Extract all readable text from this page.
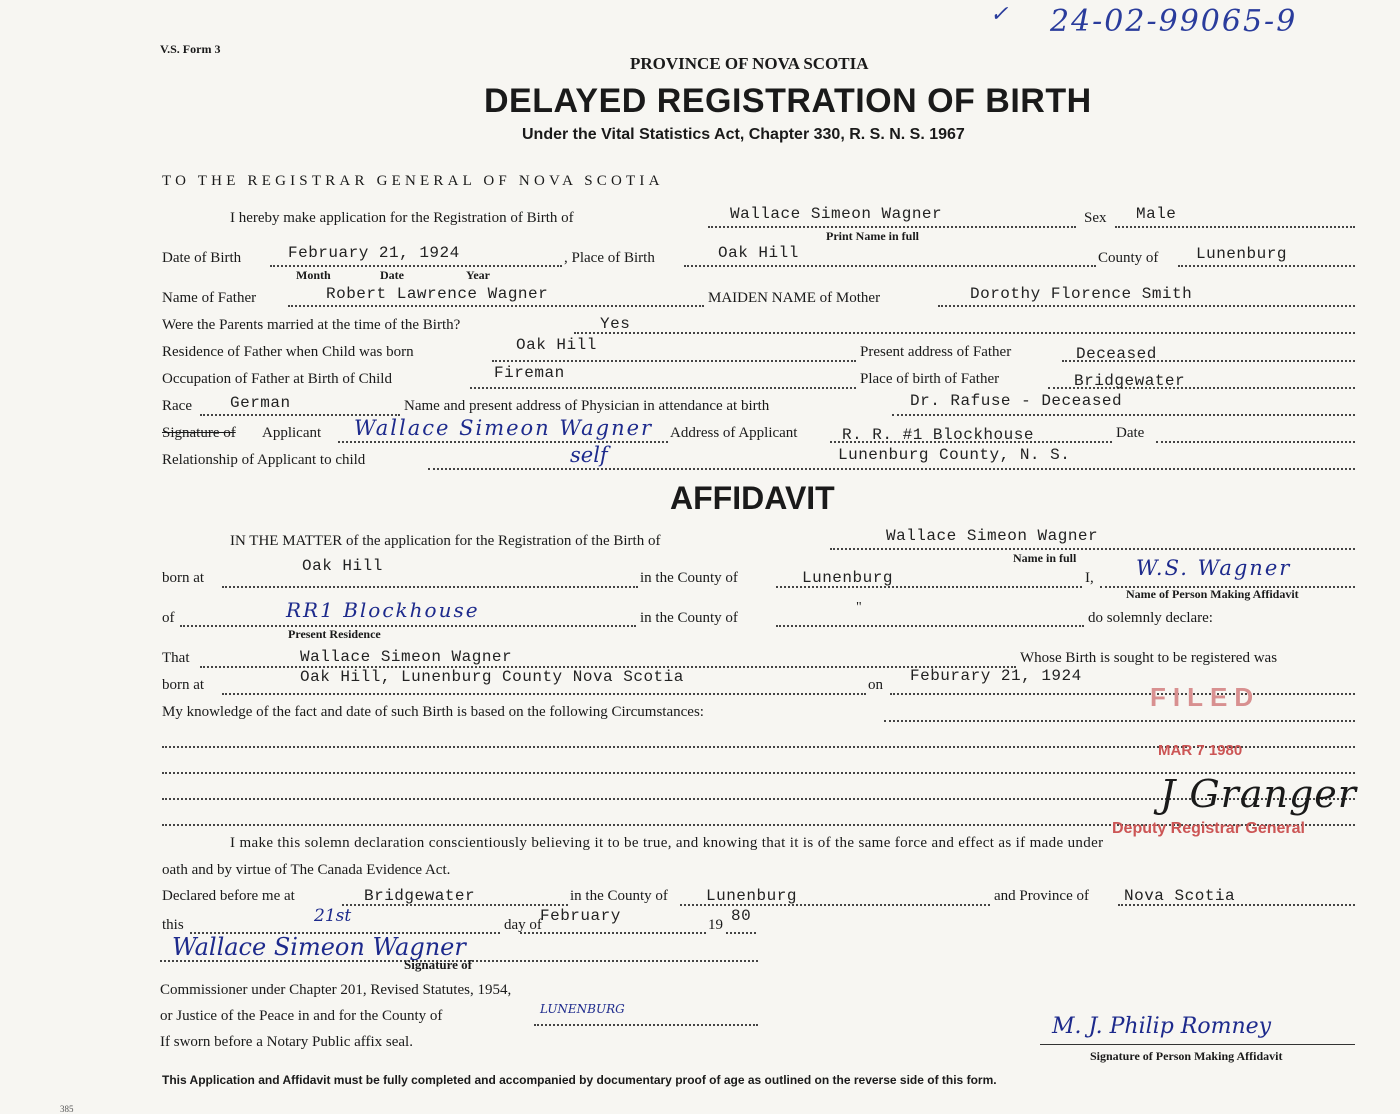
V.S. Form 3
✓ 24-02-99065-9
PROVINCE OF NOVA SCOTIA
DELAYED REGISTRATION OF BIRTH
Under the Vital Statistics Act, Chapter 330, R. S. N. S. 1967
TO THE REGISTRAR GENERAL OF NOVA SCOTIA
I hereby make application for the Registration of Birth of	Wallace Simeon Wagner
Print Name in full
Sex Male
Date of Birth	February 21, 1924
Month	Date	Year
, Place of Birth	Oak Hill	County of Lunenburg
Name of Father	Robert Lawrence Wagner	MAIDEN NAME of Mother	Dorothy Florence Smith
Were the Parents married at the time of the Birth?	Yes
Residence of Father when Child was born	Oak Hill	Present address of Father	Deceased
Occupation of Father at Birth of Child	Fireman	Place of birth of Father	Bridgewater
Race German	Name and present address of Physician in attendance at birth	Dr. Rafuse - Deceased
Signature of Applicant Wallace Simeon Wagner Address of Applicant	R. R. #1 Blockhouse	Date
Relationship of Applicant to child	self	Lunenburg County, N. S.
AFFIDAVIT
IN THE MATTER of the application for the Registration of the Birth of	Wallace Simeon Wagner
Name in full
born at
Oak Hill
in the County of	Lunenburg	I, W.S. Wagner
Name of Person Making Affidavit
of	RR1 Blockhouse
Present Residence
in the County of
"
do solemnly declare:
That	Wallace Simeon Wagner	Whose Birth is sought to be registered was
born at	Oak Hill, Lunenburg County Nova Scotia	on Feburary 21, 1924
My knowledge of the fact and date of such Birth is based on the following Circumstances:	FILED
MAR 7 1980
J Granger
Deputy Registrar General
I make this solemn declaration conscientiously believing it to be true, and knowing that it is of the same force and effect as if made under
oath and by virtue of The Canada Evidence Act.
Declared before me at	Bridgewater	in the County of Lunenburg	and Province of Nova Scotia
this	21st	day of
February	19 80
Wallace Simeon Wagner
Signature of
Commissioner under Chapter 201, Revised Statutes, 1954,
or Justice of the Peace in and for the County of	LUNENBURG
If sworn before a Notary Public affix seal.
M. J. Philip Romney
Signature of Person Making Affidavit
This Application and Affidavit must be fully completed and accompanied by documentary proof of age as outlined on the reverse side of this form.
385
